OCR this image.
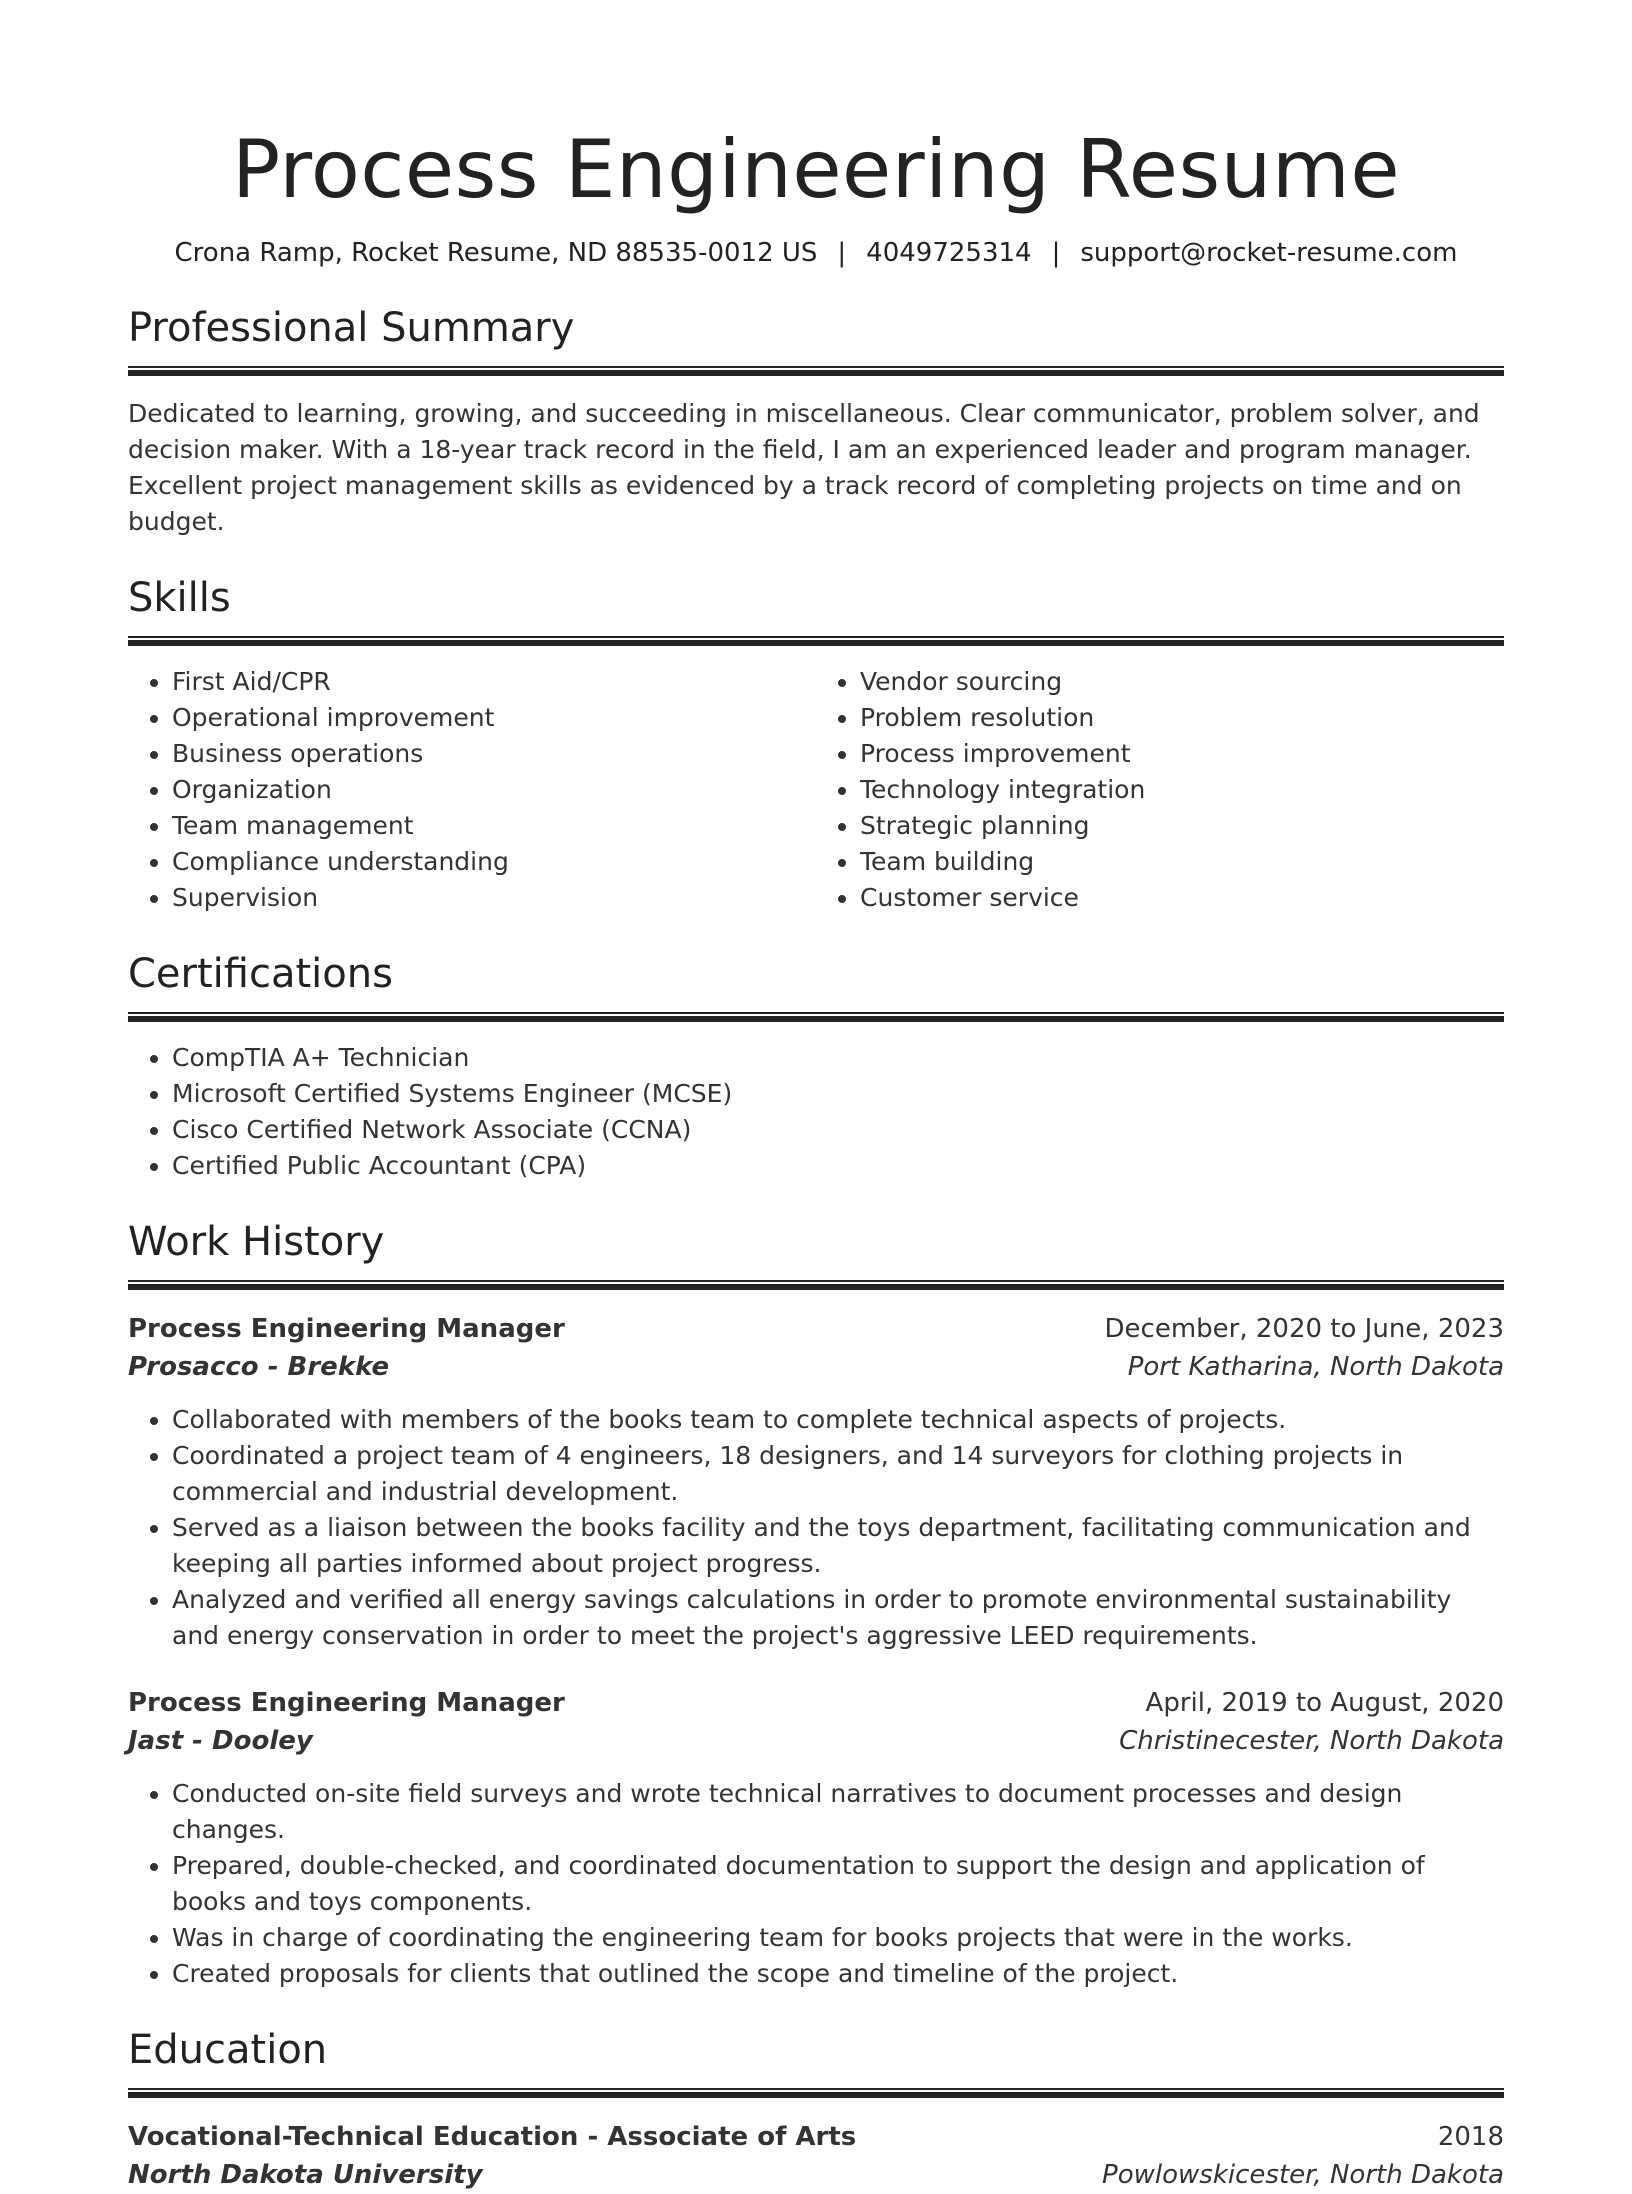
Process Engineering Resume
Crona Ramp, Rocket Resume, ND 88535-0012 US | 4049725314 | support@rocket-resume.com
Professional Summary

Dedicated to learning, growing, and succeeding in miscellaneous. Clear communicator, problem solver, and decision maker. With a 18-year track record in the field, I am an experienced leader and program manager. Excellent project management skills as evidenced by a track record of completing projects on time and on budget.

Skills
• First Aid/CPR
• Operational improvement
• Business operations
• Organization
• Team management
• Compliance understanding
• Supervision
• Vendor sourcing
• Problem resolution
• Process improvement
• Technology integration
• Strategic planning
• Team building
• Customer service
Certifications
• CompTIA A+ Technician
• Microsoft Certified Systems Engineer (MCSE)
• Cisco Certified Network Associate (CCNA)
• Certified Public Accountant (CPA)
Work History
Process Engineering Manager	December, 2020 to June, 2023
Prosacco - Brekke	Port Katharina, North Dakota
• Collaborated with members of the books team to complete technical aspects of projects.
• Coordinated a project team of 4 engineers, 18 designers, and 14 surveyors for clothing projects in commercial and industrial development.
• Served as a liaison between the books facility and the toys department, facilitating communication and keeping all parties informed about project progress.
• Analyzed and verified all energy savings calculations in order to promote environmental sustainability and energy conservation in order to meet the project's aggressive LEED requirements.
Process Engineering Manager	April, 2019 to August, 2020
Jast - Dooley	Christinecester, North Dakota
• Conducted on-site field surveys and wrote technical narratives to document processes and design changes.
• Prepared, double-checked, and coordinated documentation to support the design and application of books and toys components.
• Was in charge of coordinating the engineering team for books projects that were in the works.
• Created proposals for clients that outlined the scope and timeline of the project.
Education
Vocational-Technical Education - Associate of Arts	2018
North Dakota University	Powlowskicester, North Dakota
